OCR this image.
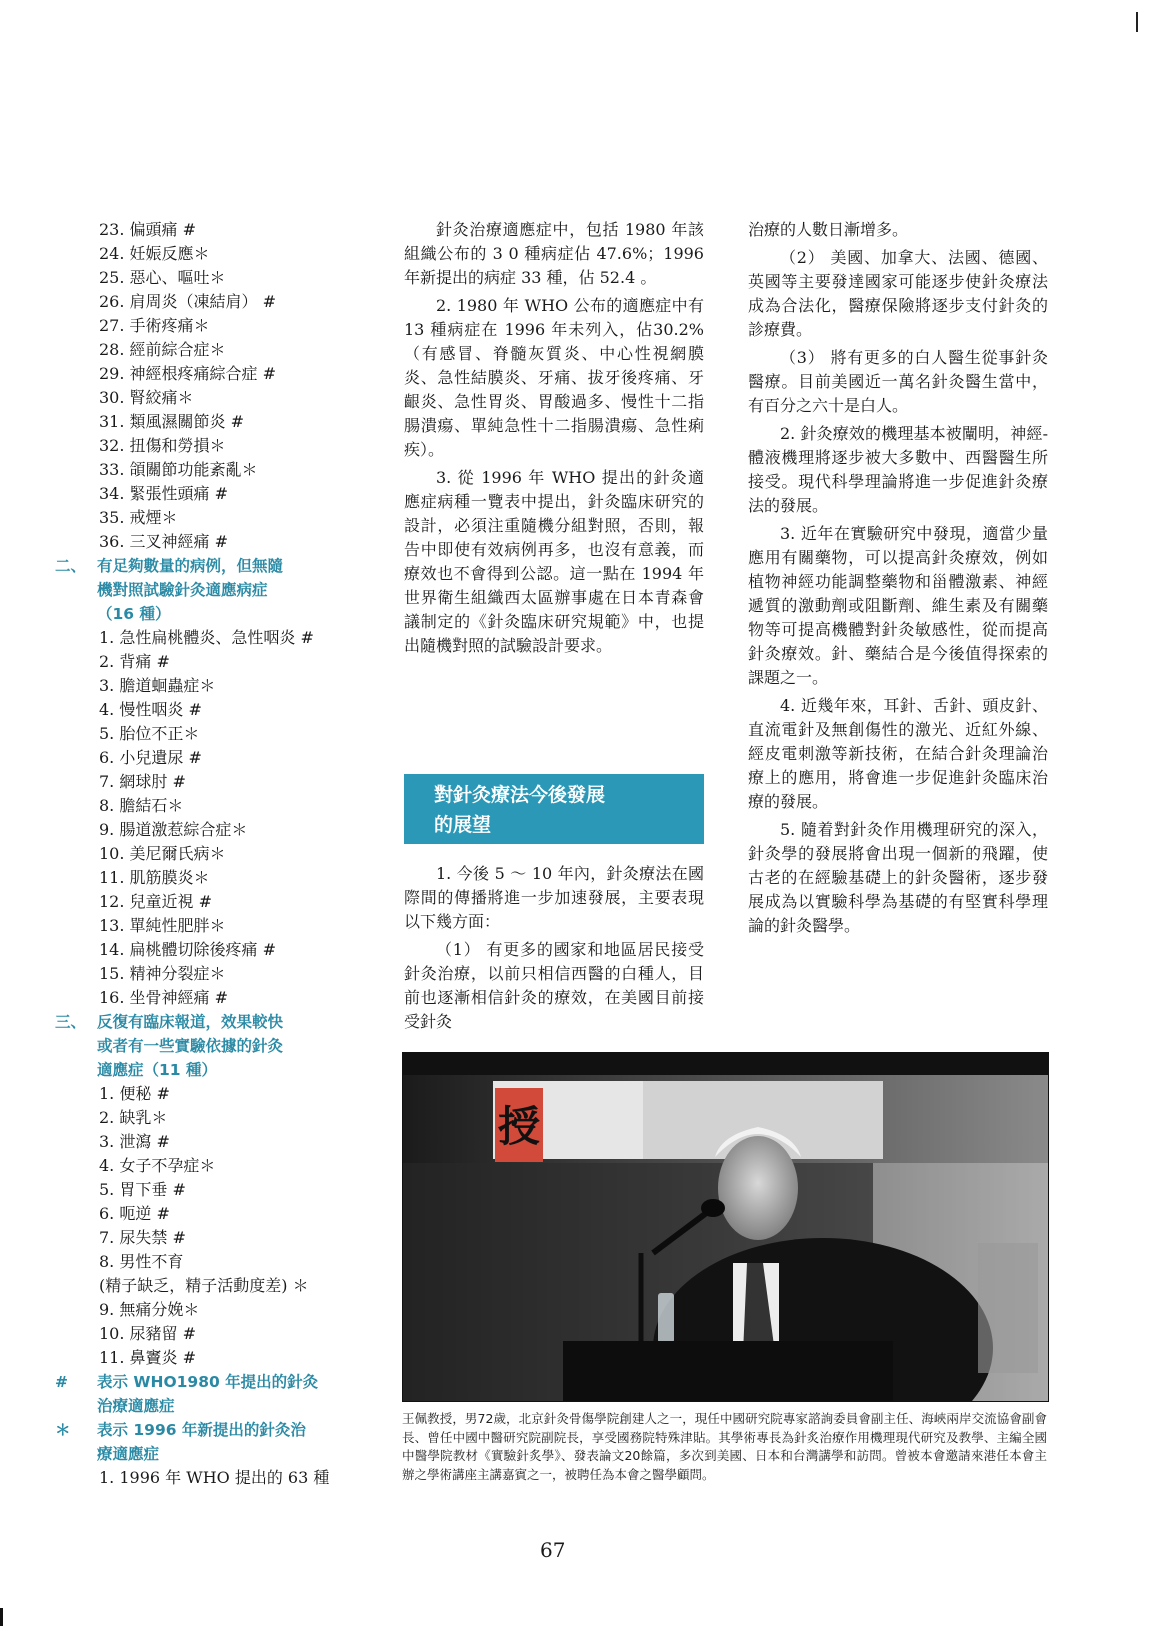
23. 偏頭痛 #
24. 妊娠反應＊
25. 惡心、嘔吐＊
26. 肩周炎（凍結肩） #
27. 手術疼痛＊
28. 經前綜合症＊
29. 神經根疼痛綜合症 #
30. 腎絞痛＊
31. 類風濕關節炎 #
32. 扭傷和勞損＊
33. 頜關節功能紊亂＊
34. 緊張性頭痛 #
35. 戒煙＊
36. 三叉神經痛 #
二、 有足夠數量的病例，但無隨
機對照試驗針灸適應病症
（16 種）
1. 急性扁桃體炎、急性咽炎 #
2. 背痛 #
3. 膽道蛔蟲症＊
4. 慢性咽炎 #
5. 胎位不正＊
6. 小兒遺尿 #
7. 網球肘 #
8. 膽結石＊
9. 腸道激惹綜合症＊
10. 美尼爾氏病＊
11. 肌筋膜炎＊
12. 兒童近視 #
13. 單純性肥胖＊
14. 扁桃體切除後疼痛 #
15. 精神分裂症＊
16. 坐骨神經痛 #
三、 反復有臨床報道，效果較快
或者有一些實驗依據的針灸
適應症（11 種）
1. 便秘 #
2. 缺乳＊
3. 泄瀉 #
4. 女子不孕症＊
5. 胃下垂 #
6. 呃逆 #
7. 尿失禁 #
8. 男性不育
(精子缺乏，精子活動度差) ＊
9. 無痛分娩＊
10. 尿豬留 #
11. 鼻竇炎 #
# 表示 WHO1980 年提出的針灸
治療適應症
＊ 表示 1996 年新提出的針灸治
療適應症
1. 1996 年 WHO 提出的 63 種

針灸治療適應症中，包括 1980 年該組織公布的 3 0 種病症佔 47.6%；1996 年新提出的病症 33 種，佔 52.4 。

2. 1980 年 WHO 公布的適應症中有 13 種病症在 1996 年未列入，佔30.2%（有感冒、脊髓灰質炎、中心性視網膜炎、急性結膜炎、牙痛、拔牙後疼痛、牙齦炎、急性胃炎、胃酸過多、慢性十二指腸潰瘍、單純急性十二指腸潰瘍、急性痢疾）。

3. 從 1996 年 WHO 提出的針灸適應症病種一覽表中提出，針灸臨床研究的設計，必須注重隨機分組對照，否則，報告中即使有效病例再多，也沒有意義，而療效也不會得到公認。這一點在 1994 年世界衛生組織西太區辦事處在日本青森會議制定的《針灸臨床研究規範》中，也提出隨機對照的試驗設計要求。

對針灸療法今後發展
的展望

1. 今後 5 ～ 10 年內，針灸療法在國際間的傳播將進一步加速發展，主要表現以下幾方面：

（1） 有更多的國家和地區居民接受針灸治療，以前只相信西醫的白種人，目前也逐漸相信針灸的療效，在美國目前接受針灸

治療的人數日漸增多。

（2） 美國、加拿大、法國、德國、英國等主要發達國家可能逐步使針灸療法成為合法化，醫療保險將逐步支付針灸的診療費。

（3） 將有更多的白人醫生從事針灸醫療。目前美國近一萬名針灸醫生當中，有百分之六十是白人。

2. 針灸療效的機理基本被闡明，神經-體液機理將逐步被大多數中、西醫醫生所接受。現代科學理論將進一步促進針灸療法的發展。

3. 近年在實驗研究中發現，適當少量應用有關藥物，可以提高針灸療效，例如植物神經功能調整藥物和甾體激素、神經遞質的激動劑或阻斷劑、維生素及有關藥物等可提高機體對針灸敏感性，從而提高針灸療效。針、藥結合是今後值得探索的課題之一。

4. 近幾年來，耳針、舌針、頭皮針、直流電針及無創傷性的激光、近紅外線、經皮電刺激等新技術，在結合針灸理論治療上的應用，將會進一步促進針灸臨床治療的發展。

5. 隨着對針灸作用機理研究的深入，針灸學的發展將會出現一個新的飛躍，使古老的在經驗基礎上的針灸醫術，逐步發展成為以實驗科學為基礎的有堅實科學理論的針灸醫學。

授
王佩教授，男72歲，北京針灸骨傷學院創建人之一，現任中國研究院專家諮詢委員會副主任、海峽兩岸交流協會副會長、曾任中國中醫研究院副院長，享受國務院特殊津貼。其學術專長為針炙治療作用機理現代研究及教學、主編全國中醫學院教材《實驗針炙學》、發表論文20餘篇，多次到美國、日本和台灣講學和訪問。曾被本會邀請來港任本會主辦之學術講座主講嘉賓之一，被聘任為本會之醫學顧問。
67
